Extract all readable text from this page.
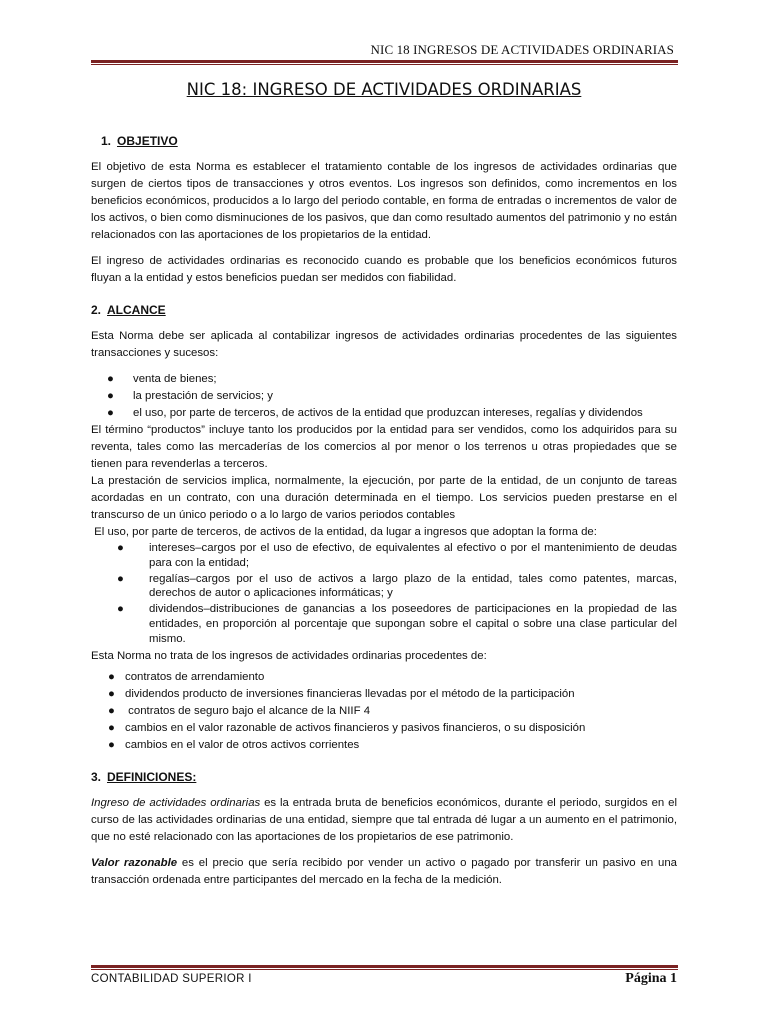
NIC 18 INGRESOS DE ACTIVIDADES ORDINARIAS
NIC 18: INGRESO DE ACTIVIDADES ORDINARIAS
1. OBJETIVO

El objetivo de esta Norma es establecer el tratamiento contable de los ingresos de actividades ordinarias que surgen de ciertos tipos de transacciones y otros eventos. Los ingresos son definidos, como incrementos en los beneficios económicos, producidos a lo largo del periodo contable, en forma de entradas o incrementos de valor de los activos, o bien como disminuciones de los pasivos, que dan como resultado aumentos del patrimonio y no están relacionados con las aportaciones de los propietarios de la entidad.

El ingreso de actividades ordinarias es reconocido cuando es probable que los beneficios económicos futuros fluyan a la entidad y estos beneficios puedan ser medidos con fiabilidad.

2. ALCANCE

Esta Norma debe ser aplicada al contabilizar ingresos de actividades ordinarias procedentes de las siguientes transacciones y sucesos:

● venta de bienes;
● la prestación de servicios; y
● el uso, por parte de terceros, de activos de la entidad que produzcan intereses, regalías y dividendos

El término “productos” incluye tanto los producidos por la entidad para ser vendidos, como los adquiridos para su reventa, tales como las mercaderías de los comercios al por menor o los terrenos u otras propiedades que se tienen para revenderlas a terceros.

La prestación de servicios implica, normalmente, la ejecución, por parte de la entidad, de un conjunto de tareas acordadas en un contrato, con una duración determinada en el tiempo. Los servicios pueden prestarse en el transcurso de un único periodo o a lo largo de varios periodos contables

El uso, por parte de terceros, de activos de la entidad, da lugar a ingresos que adoptan la forma de:

● intereses–cargos por el uso de efectivo, de equivalentes al efectivo o por el mantenimiento de deudas para con la entidad;
● regalías–cargos por el uso de activos a largo plazo de la entidad, tales como patentes, marcas, derechos de autor o aplicaciones informáticas; y
● dividendos–distribuciones de ganancias a los poseedores de participaciones en la propiedad de las entidades, en proporción al porcentaje que supongan sobre el capital o sobre una clase particular del mismo.

Esta Norma no trata de los ingresos de actividades ordinarias procedentes de:

● contratos de arrendamiento
● dividendos producto de inversiones financieras llevadas por el método de la participación
● contratos de seguro bajo el alcance de la NIIF 4
● cambios en el valor razonable de activos financieros y pasivos financieros, o su disposición
● cambios en el valor de otros activos corrientes
3. DEFINICIONES:

Ingreso de actividades ordinarias es la entrada bruta de beneficios económicos, durante el periodo, surgidos en el curso de las actividades ordinarias de una entidad, siempre que tal entrada dé lugar a un aumento en el patrimonio, que no esté relacionado con las aportaciones de los propietarios de ese patrimonio.

Valor razonable es el precio que sería recibido por vender un activo o pagado por transferir un pasivo en una transacción ordenada entre participantes del mercado en la fecha de la medición.

CONTABILIDAD SUPERIOR I	Página 1
